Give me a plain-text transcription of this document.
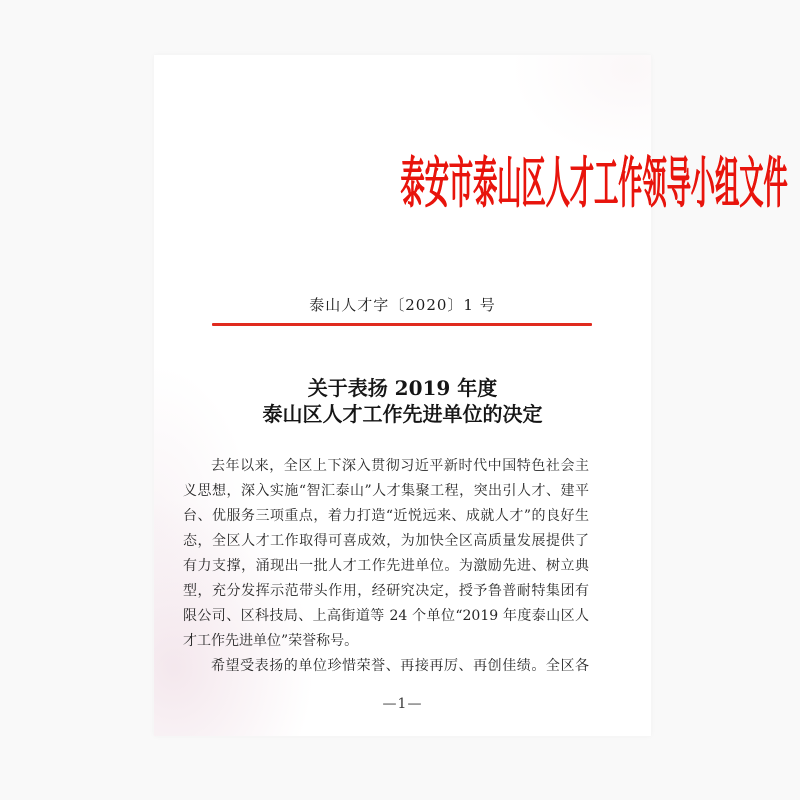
泰安市泰山区人才工作领导小组文件
泰山人才字〔2020〕1 号
关于表扬 2019 年度
泰山区人才工作先进单位的决定
去年以来，全区上下深入贯彻习近平新时代中国特色社会主
义思想，深入实施“智汇泰山”人才集聚工程，突出引人才、建平
台、优服务三项重点，着力打造“近悦远来、成就人才”的良好生
态，全区人才工作取得可喜成效，为加快全区高质量发展提供了
有力支撑，涌现出一批人才工作先进单位。为激励先进、树立典
型，充分发挥示范带头作用，经研究决定，授予鲁普耐特集团有
限公司、区科技局、上高街道等 24 个单位“2019 年度泰山区人
才工作先进单位”荣誉称号。
希望受表扬的单位珍惜荣誉、再接再厉、再创佳绩。全区各
—1—
